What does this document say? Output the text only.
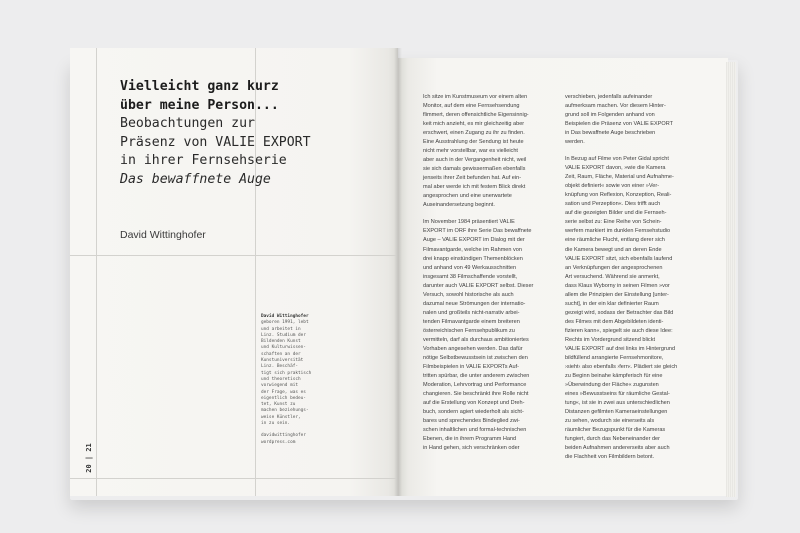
Vielleicht ganz kurz
über meine Person...
Beobachtungen zur
Präsenz von VALIE EXPORT
in ihrer Fernsehserie
Das bewaffnete Auge
David Wittinghofer
David Wittinghofer
geboren 1991, lebt
und arbeitet in
Linz. Studium der
Bildenden Kunst
und Kulturwissen-
schaften an der
Kunstuniversität
Linz. Beschäf-
tigt sich praktisch
und theoretisch
vorwiegend mit
der Frage, was es
eigentlich bedeu-
tet, Kunst zu
machen beziehungs-
weise Künstler,
in zu sein.
davidwittinghofer
wordpress.com
20 | 21
Ich sitze im Kunstmuseum vor einem alten
Monitor, auf dem eine Fernsehsendung
flimmert, deren offensichtliche Eigensinnig-
keit mich anzieht, es mir gleichzeitig aber
erschwert, einen Zugang zu ihr zu finden.
Eine Ausstrahlung der Sendung ist heute
nicht mehr vorstellbar, war es vielleicht
aber auch in der Vergangenheit nicht, weil
sie sich damals gewissermaßen ebenfalls
jenseits ihrer Zeit befunden hat. Auf ein-
mal aber werde ich mit festem Blick direkt
angesprochen und eine unerwartete
Auseinandersetzung beginnt.
Im November 1984 präsentiert VALIE
EXPORT im ORF ihre Serie Das bewaffnete
Auge – VALIE EXPORT im Dialog mit der
Filmavantgarde, welche im Rahmen von
drei knapp einstündigen Themenblöcken
und anhand von 49 Werkausschnitten
insgesamt 38 Filmschaffende vorstellt,
darunter auch VALIE EXPORT selbst. Dieser
Versuch, sowohl historische als auch
dazumal neue Strömungen der internatio-
nalen und großteils nicht-narrativ arbei-
tenden Filmavantgarde einem breiteren
österreichischen Fernsehpublikum zu
vermitteln, darf als durchaus ambitioniertes
Vorhaben angesehen werden. Das dafür
nötige Selbstbewusstsein ist zwischen den
Filmbeispielen in VALIE EXPORTs Auf-
tritten spürbar, die unter anderem zwischen
Moderation, Lehrvortrag und Performance
changieren. Sie beschränkt ihre Rolle nicht
auf die Erstellung von Konzept und Dreh-
buch, sondern agiert wiederholt als sicht-
bares und sprechendes Bindeglied zwi-
schen inhaltlichen und formal-technischen
Ebenen, die in ihrem Programm Hand
in Hand gehen, sich verschränken oder
verschieben, jedenfalls aufeinander
aufmerksam machen. Vor diesem Hinter-
grund soll im Folgenden anhand von
Beispielen die Präsenz von VALIE EXPORT
in Das bewaffnete Auge beschrieben
werden.
In Bezug auf Filme von Peter Gidal spricht
VALIE EXPORT davon, »wie die Kamera
Zeit, Raum, Fläche, Material und Aufnahme-
objekt definiert« sowie von einer »Ver-
knüpfung von Reflexion, Konzeption, Reali-
sation und Perzeption«. Dies trifft auch
auf die gezeigten Bilder und die Fernseh-
serie selbst zu: Eine Reihe von Schein-
werfern markiert im dunklen Fernsehstudio
eine räumliche Flucht, entlang derer sich
die Kamera bewegt und an deren Ende
VALIE EXPORT sitzt, sich ebenfalls laufend
an Verknüpfungen der angesprochenen
Art versuchend. Während sie anmerkt,
dass Klaus Wyborny in seinen Filmen »vor
allem die Prinzipien der Einstellung [unter-
sucht], in der ein klar definierter Raum
gezeigt wird, sodass der Betrachter das Bild
des Filmes mit dem Abgebildeten identi-
fizieren kann«, spiegelt sie auch diese Idee:
Rechts im Vordergrund sitzend blickt
VALIE EXPORT auf drei links im Hintergrund
bildfüllend arrangierte Fernsehmonitore,
›sieht‹ also ebenfalls ›fern‹. Plädiert sie gleich
zu Beginn beinahe kämpferisch für eine
»Überwindung der Fläche« zugunsten
eines »Bewusstseins für räumliche Gestal-
tung«, ist sie in zwei aus unterschiedlichen
Distanzen gefilmten Kameraeinstellungen
zu sehen, wodurch sie einerseits als
räumlicher Bezugspunkt für die Kameras
fungiert, durch das Nebeneinander der
beiden Aufnahmen andererseits aber auch
die Flachheit von Filmbildern betont.
